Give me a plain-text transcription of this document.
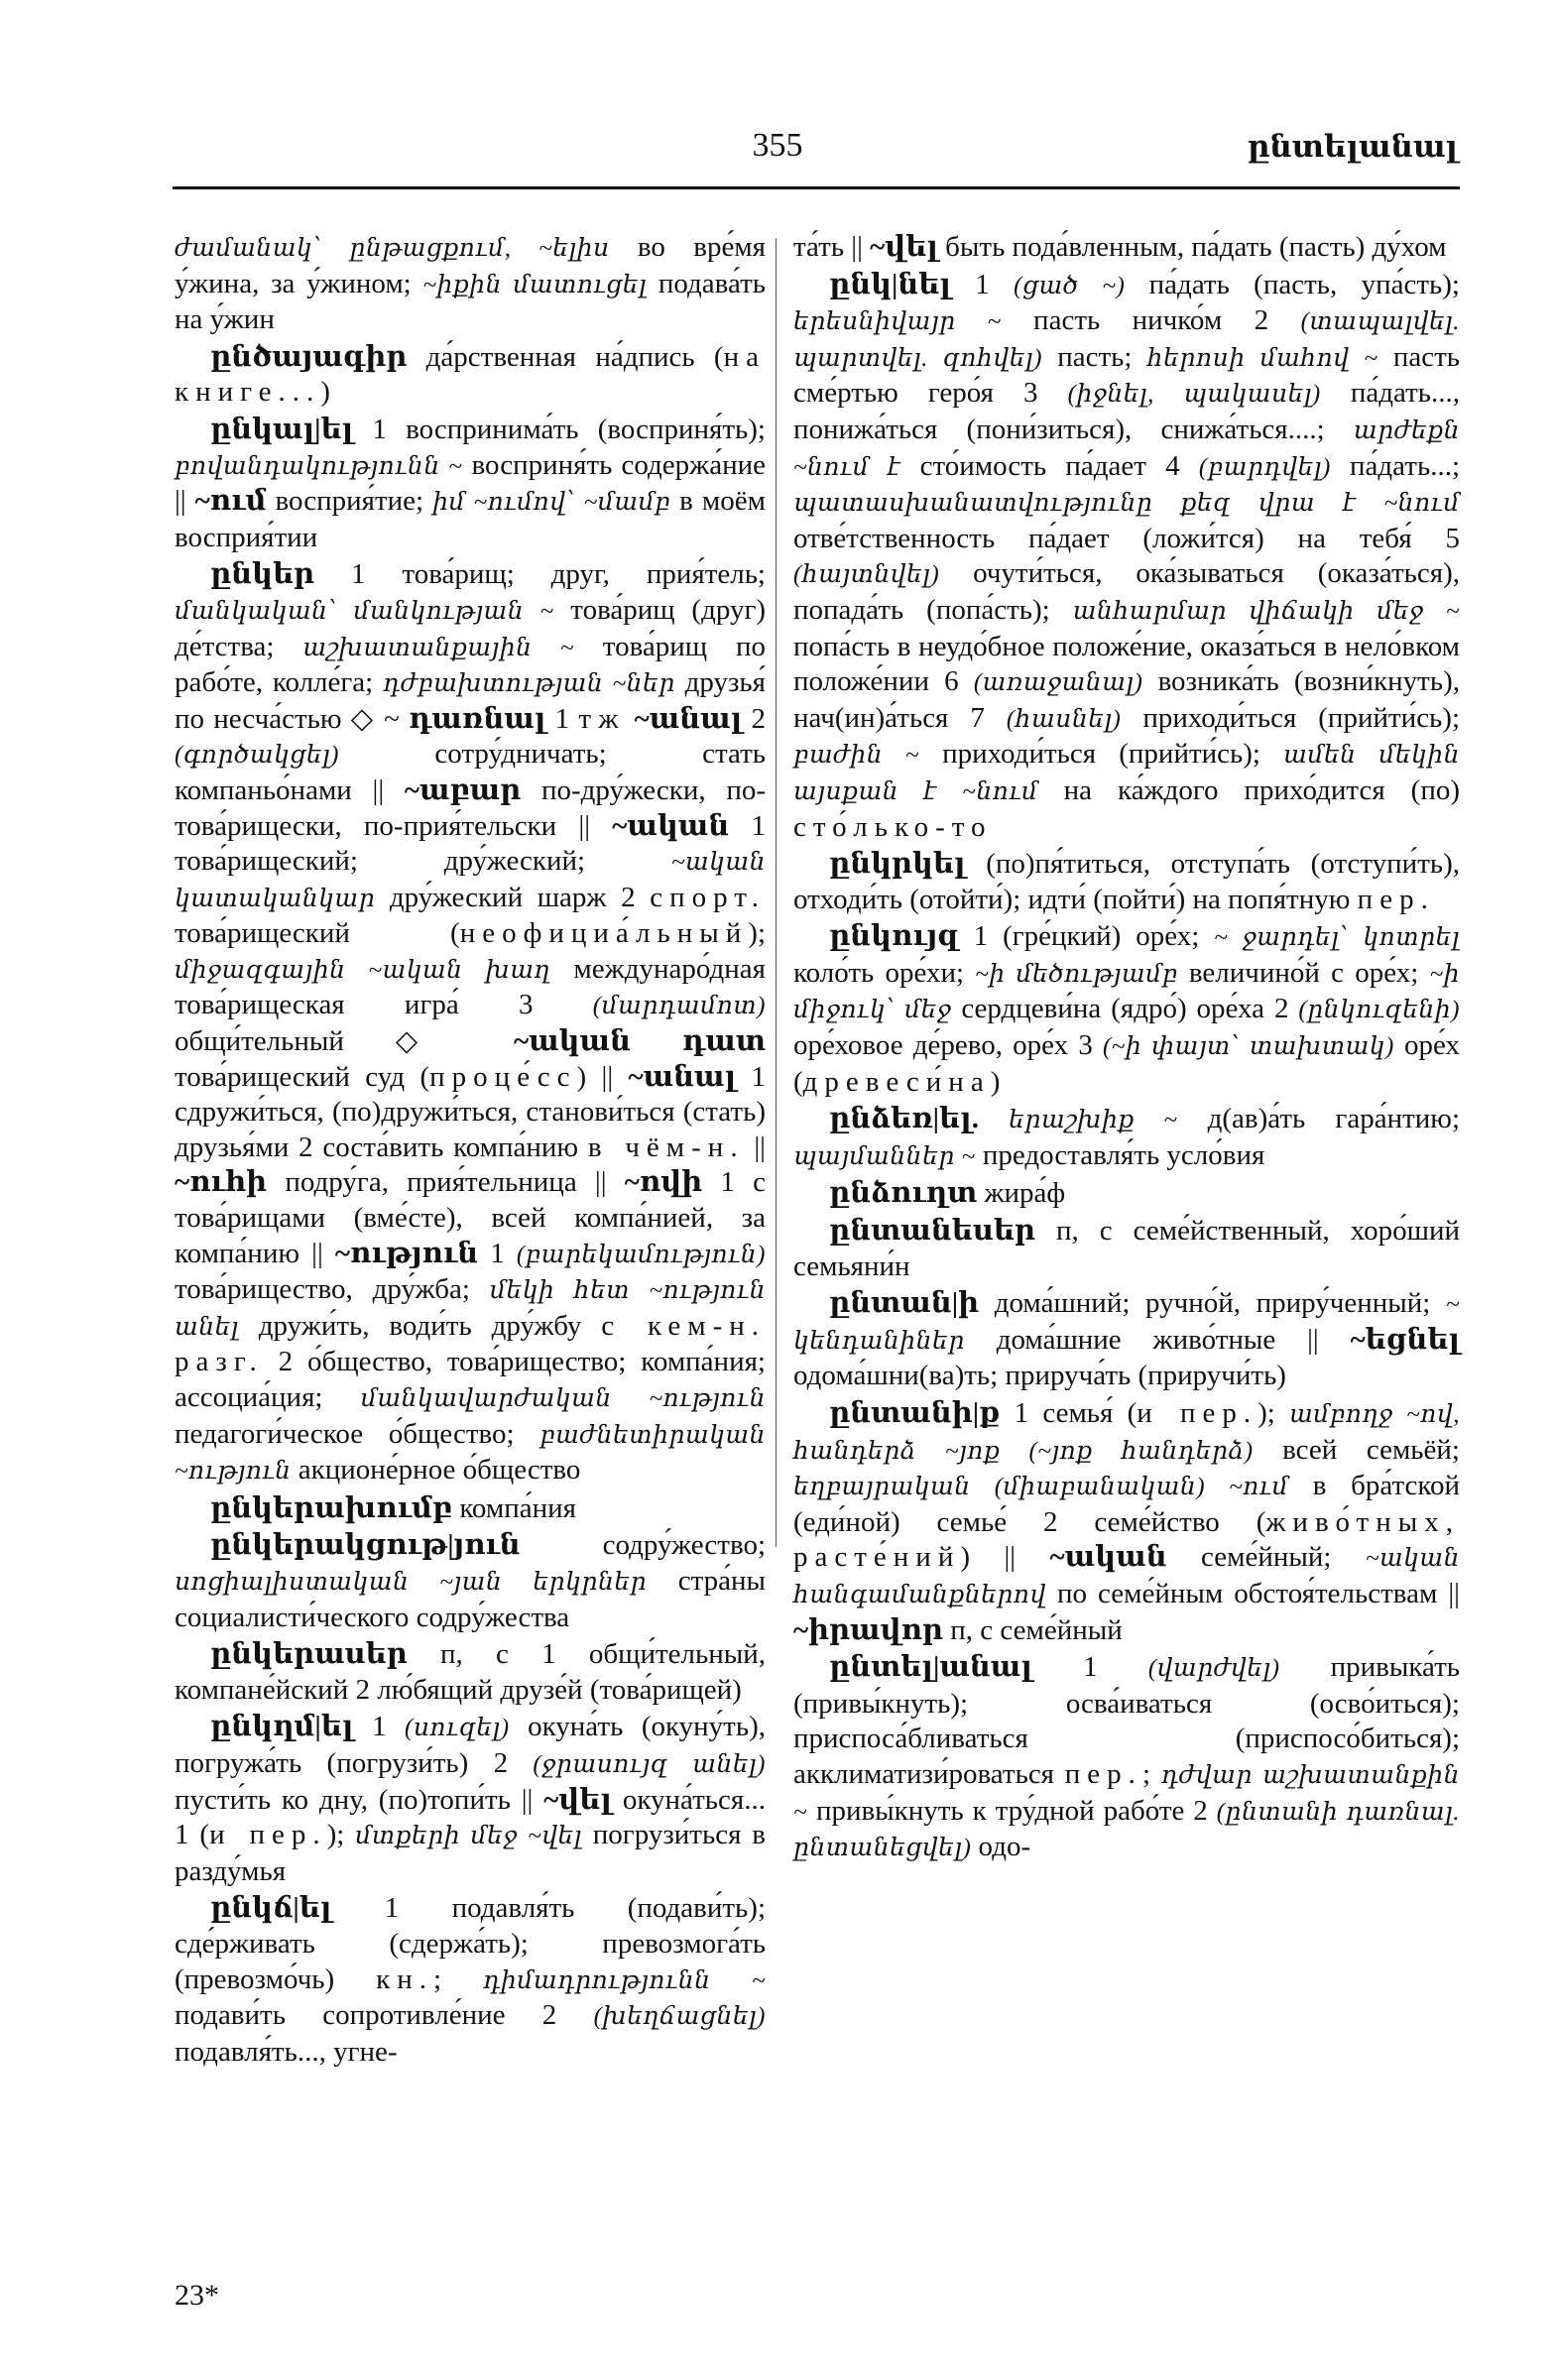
355	ընտելանալ

ժամանակ՝ ընթացքում, ~ելիս во вре́мя у́жина, за у́жином; ~իքին մատուցել подава́ть на у́жин

ընծայագիր да́рственная на́дпись (на книге...)

ընկալ|ել 1 воспринима́ть (восприня́ть); բովանդակությունն ~ восприня́ть содержа́ние || ~ում восприя́тие; իմ ~ումով՝ ~մամբ в моём восприя́тии

ընկեր 1 това́рищ; друг, прия́тель; մանկական՝ մանկության ~ това́рищ (друг) де́тства; աշխատանքային ~ това́рищ по рабо́те, колле́га; դժբախտության ~ներ друзья́ по несча́стью ◇ ~ դառնալ 1 тж ~անալ 2 (գործակցել) сотру́дничать; стать компаньо́нами || ~աբար по-дру́жески, по-това́рищески, по-прия́тельски || ~ական 1 това́рищеский; дру́жеский; ~ական կատականկար дру́жеский шарж 2 спорт. това́рищеский (неофициа́льный); միջազգային ~ական խաղ междунаро́дная това́рищеская игра́ 3 (մարդամոտ) общи́тельный ◇ ~ական դատ това́рищеский суд (проце́сс) || ~անալ 1 сдружи́ться, (по)дружи́ться, станови́ться (стать) друзья́ми 2 соста́вить компа́нию в чём-н. || ~ուհի подру́га, прия́тельница || ~ովի 1 с това́рищами (вме́сте), всей компа́нией, за компа́нию || ~ություն 1 (բարեկամություն) това́рищество, дру́жба; մեկի հետ ~ություն անել дружи́ть, води́ть дру́жбу с кем-н. разг. 2 о́бщество, това́рищество; компа́ния; ассоциа́ция; մանկավարժական ~ություն педагоги́ческое о́бщество; բաժնետիրական ~ություն акционе́рное о́бщество

ընկերախումբ компа́ния

ընկերակցութ|յուն содру́жество; սոցիալիստական ~յան երկրներ стра́ны социалисти́ческого содру́жества

ընկերասեր п, с 1 общи́тельный, компане́йский 2 лю́бящий друзе́й (това́рищей)

ընկղմ|ել 1 (սուզել) окуна́ть (окуну́ть), погружа́ть (погрузи́ть) 2 (ջրասույզ անել) пусти́ть ко дну, (по)топи́ть || ~վել окуна́ться... 1 (и пер.); մտքերի մեջ ~վել погрузи́ться в разду́мья

ընկճ|ել 1 подавля́ть (подави́ть); сде́рживать (сдержа́ть); превозмога́ть (превозмо́чь) кн.; դիմադրությունն ~ подави́ть сопротивле́ние 2 (խեղճացնել) подавля́ть..., угне-

та́ть || ~վել быть пода́вленным, па́дать (пасть) ду́хом

ընկ|նել 1 (ցած ~) па́дать (пасть, упа́сть); երեսնիվայր ~ пасть ничко́м 2 (տապալվել. պարտվել. զոհվել) пасть; հերոսի մահով ~ пасть сме́ртью геро́я 3 (իջնել, պակասել) па́дать..., понижа́ться (пони́зиться), снижа́ться....; արժեքն ~նում է сто́имость па́дает 4 (բարդվել) па́дать...; պատասխանատվությունը քեզ վրա է ~նում отве́тственность па́дает (ложи́тся) на тебя́ 5 (հայտնվել) очути́ться, ока́зываться (оказа́ться), попада́ть (попа́сть); անհարմար վիճակի մեջ ~ попа́сть в неудо́бное положе́ние, оказа́ться в нело́вком положе́нии 6 (առաջանալ) возника́ть (возни́кнуть), нач(ин)а́ться 7 (հասնել) приходи́ться (прийти́сь); բաժին ~ приходи́ться (прийти́сь); ամեն մեկին այսքան է ~նում на ка́ждого прихо́дится (по) сто́лько-то

ընկրկել (по)пя́титься, отступа́ть (отступи́ть), отходи́ть (отойти́); идти́ (пойти́) на попя́тную пер.

ընկույզ 1 (гре́цкий) оре́х; ~ ջարդել՝ կոտրել коло́ть оре́хи; ~ի մեծությամբ величино́й с оре́х; ~ի միջուկ՝ մեջ сердцеви́на (ядро́) оре́ха 2 (ընկուզենի) оре́ховое де́рево, оре́х 3 (~ի փայտ՝ տախտակ) оре́х (древеси́на)

ընձեռ|ել. երաշխիք ~ д(ав)а́ть гара́нтию; պայմաններ ~ предоставля́ть усло́вия

ընձուղտ жира́ф

ընտանեսեր п, с семе́йственный, хоро́ший семьяни́н

ընտան|ի дома́шний; ручно́й, приру́ченный; ~ կենդանիներ дома́шние живо́тные || ~եցնել одома́шни(ва)ть; прируча́ть (приручи́ть)

ընտանի|ք 1 семья́ (и пер.); ամբողջ ~ով, հանդերձ ~յոք (~յոք հանդերձ) всей семьёй; եղբայրական (միաբանական) ~ում в бра́тской (еди́ной) семье́ 2 семе́йство (живо́тных, расте́ний) || ~ական семе́йный; ~ական հանգամանքներով по семе́йным обстоя́тельствам || ~իրավոր п, с семе́йный

ընտել|անալ 1 (վարժվել) привыка́ть (привы́кнуть); осва́иваться (осво́иться); приспоса́бливаться (приспосо́биться); акклиматизи́роваться пер.; դժվար աշխատանքին ~ привы́кнуть к тру́дной рабо́те 2 (ընտանի դառնալ. ընտանեցվել) одо-

23*
